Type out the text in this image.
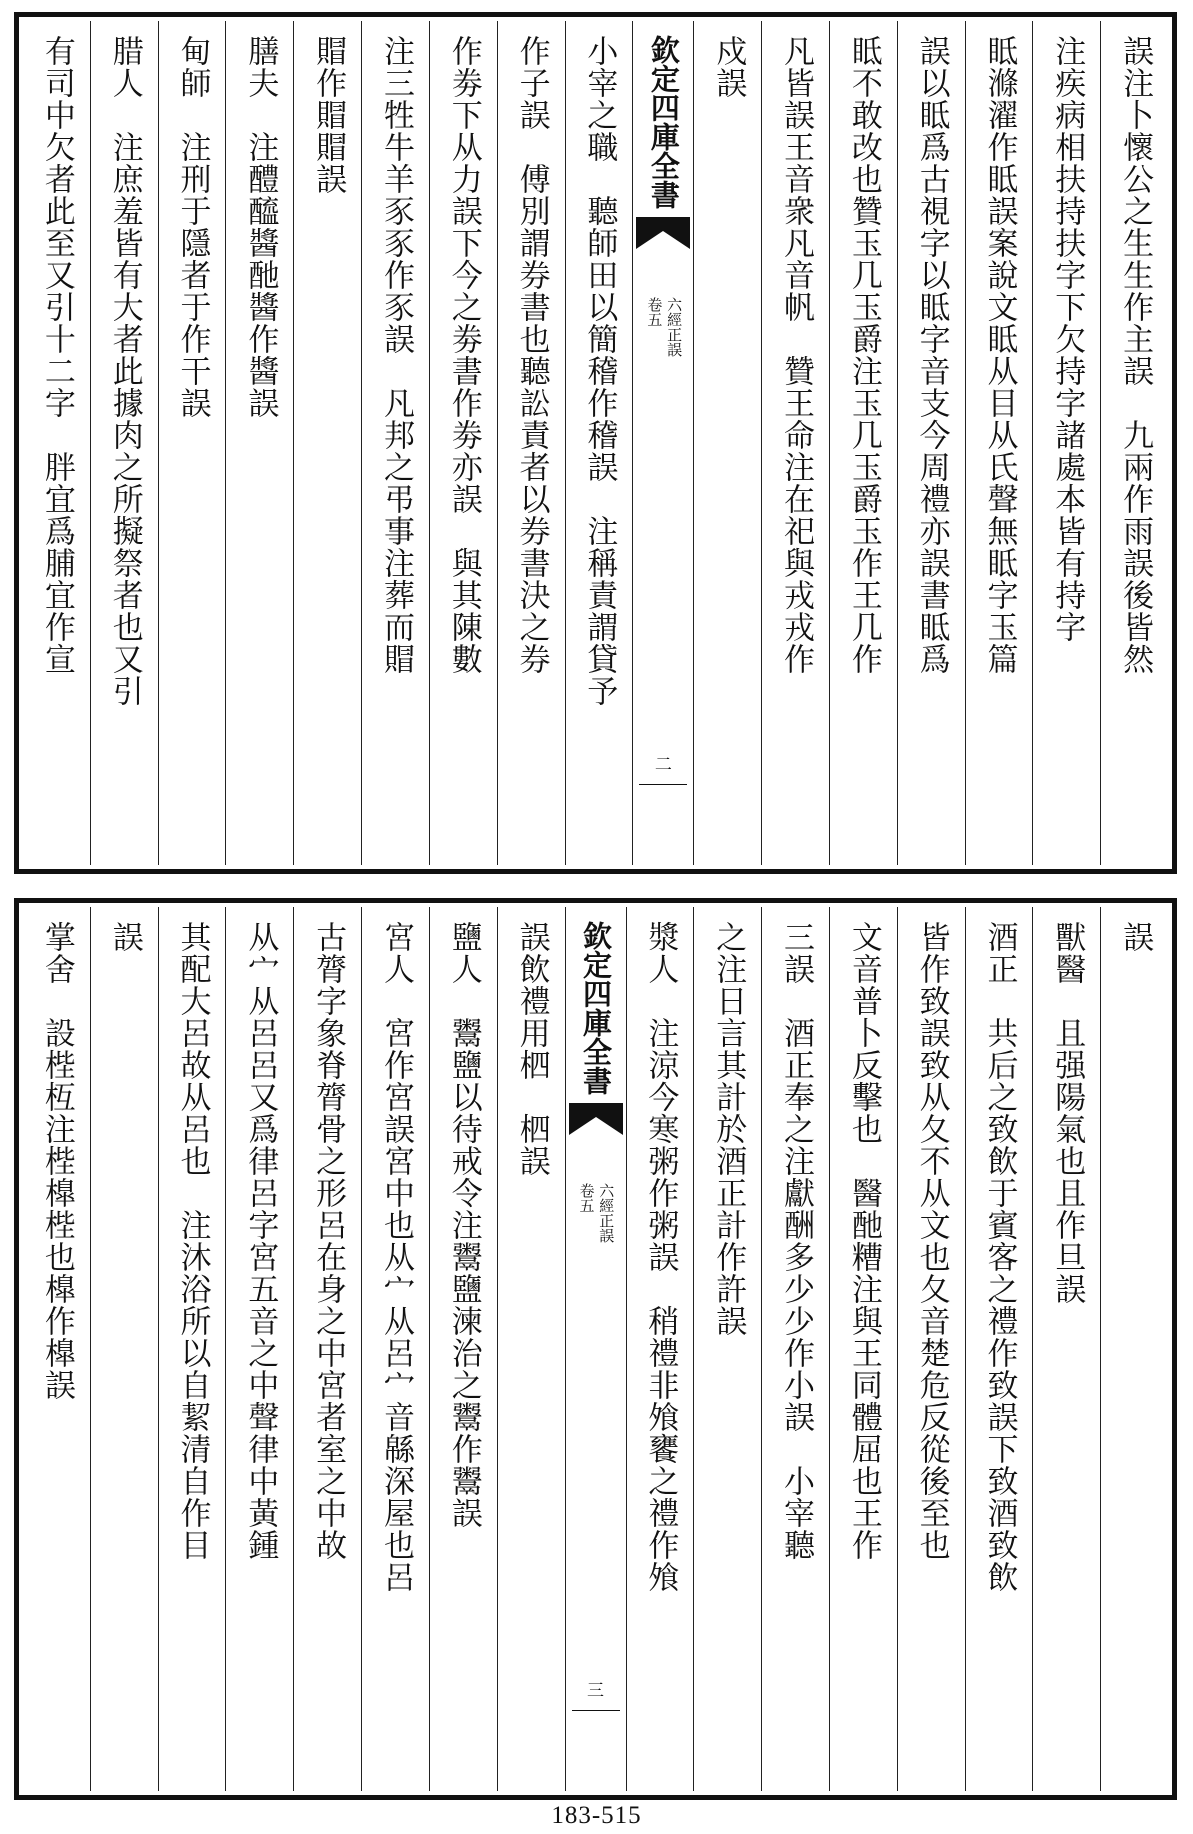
誤注卜懷公之生生作主誤　九兩作雨誤後皆然
注疾病相扶持扶字下欠持字諸處本皆有持字
眡滌濯作眡誤案說文眡从目从氏聲無眡字玉篇
誤以眡爲古視字以眡字音支今周禮亦誤書眡爲
眡不敢改也贊玉几玉爵注玉几玉爵玉作王几作
凡皆誤王音衆凡音帆　贊王命注在祀與戎戎作
戍誤
欽定四庫全書
六經正誤
卷五
二
小宰之職　聽師田以簡稽作稽誤　注稱責謂貸予
作子誤　傅別謂券書也聽訟責者以券書決之券
作劵下从力誤下今之劵書作劵亦誤　與其陳數
注三牲牛羊豕豕作豕誤　凡邦之弔事注葬而賵
賵作賵賵誤
膳夫　注醴醯醬酏醬作醬誤
甸師　注刑于隱者于作干誤
腊人　注庶羞皆有大者此據肉之所擬祭者也又引
有司中欠者此至又引十二字　胖宜爲脯宜作宣
誤
獸醫　且强陽氣也且作旦誤
酒正　共后之致飲于賓客之禮作致誤下致酒致飲
皆作致誤致从夂不从文也夂音楚危反從後至也
文音普卜反擊也　醫酏糟注與王同體屈也王作
三誤　酒正奉之注獻酬多少少作小誤　小宰聽
之注日言其計於酒正計作許誤
漿人　注涼今寒粥作粥誤　稍禮非飧饔之禮作飧
欽定四庫全書
六經正誤
卷五
三
誤飲禮用柶　柶誤
鹽人　鬻鹽以待戒令注鬻鹽湅治之鬻作鬻誤
宮人　宮作宮誤宮中也从宀从呂宀音緜深屋也呂
古膂字象脊膂骨之形呂在身之中宮者室之中故
从宀从呂呂又爲律呂字宮五音之中聲律中黃鍾
其配大呂故从呂也　注沐浴所以自絜清自作目
誤
掌舍　設梐枑注梐橰梐也橰作橰誤
183-515
